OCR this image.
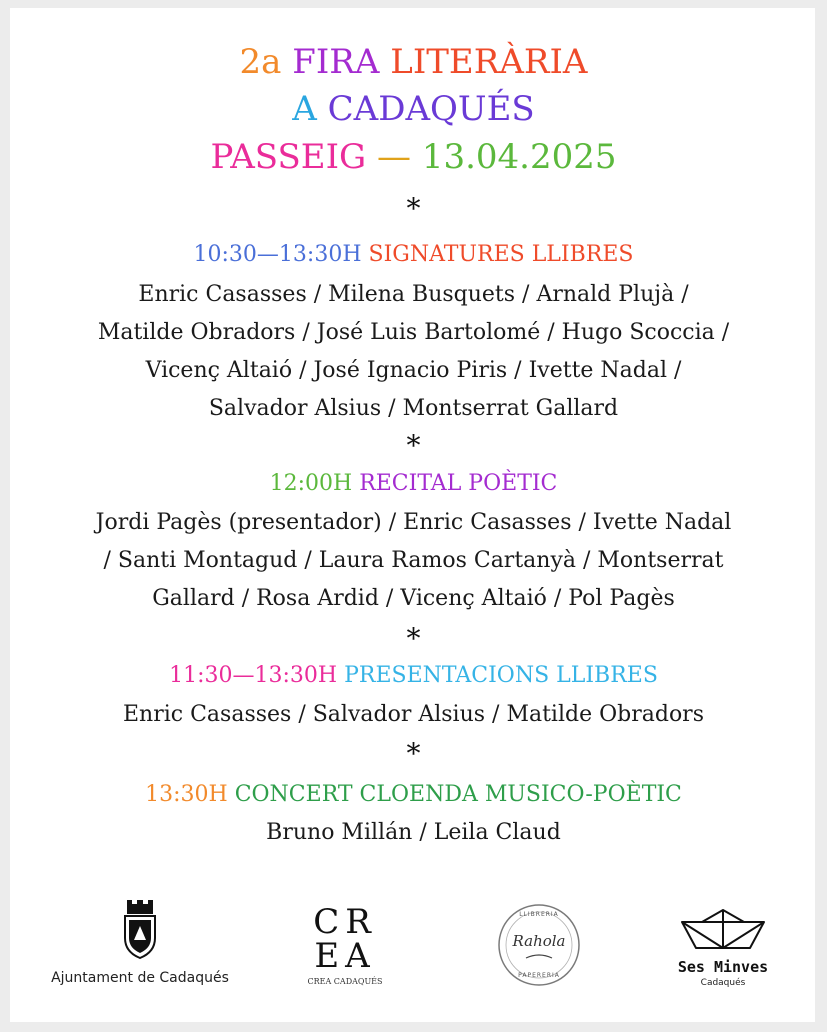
2a FIRA LITERÀRIA
A CADAQUÉS
PASSEIG — 13.04.2025
*
*
*
*
10:30—13:30H SIGNATURES LLIBRES
Enric Casasses / Milena Busquets / Arnald Plujà /
Matilde Obradors / José Luis Bartolomé / Hugo Scoccia /
Vicenç Altaió / José Ignacio Piris / Ivette Nadal /
Salvador Alsius / Montserrat Gallard
12:00H RECITAL POÈTIC
Jordi Pagès (presentador) / Enric Casasses / Ivette Nadal
/ Santi Montagud / Laura Ramos Cartanyà / Montserrat
Gallard / Rosa Ardid / Vicenç Altaió / Pol Pagès
11:30—13:30H PRESENTACIONS LLIBRES
Enric Casasses / Salvador Alsius / Matilde Obradors
13:30H CONCERT CLOENDA MUSICO-POÈTIC
Bruno Millán / Leila Claud
Ajuntament de Cadaqués
CR
EA
CREA CADAQUÉS
LLIBRERIA
Rahola
PAPERERIA	Ses Minves
Cadaqués
